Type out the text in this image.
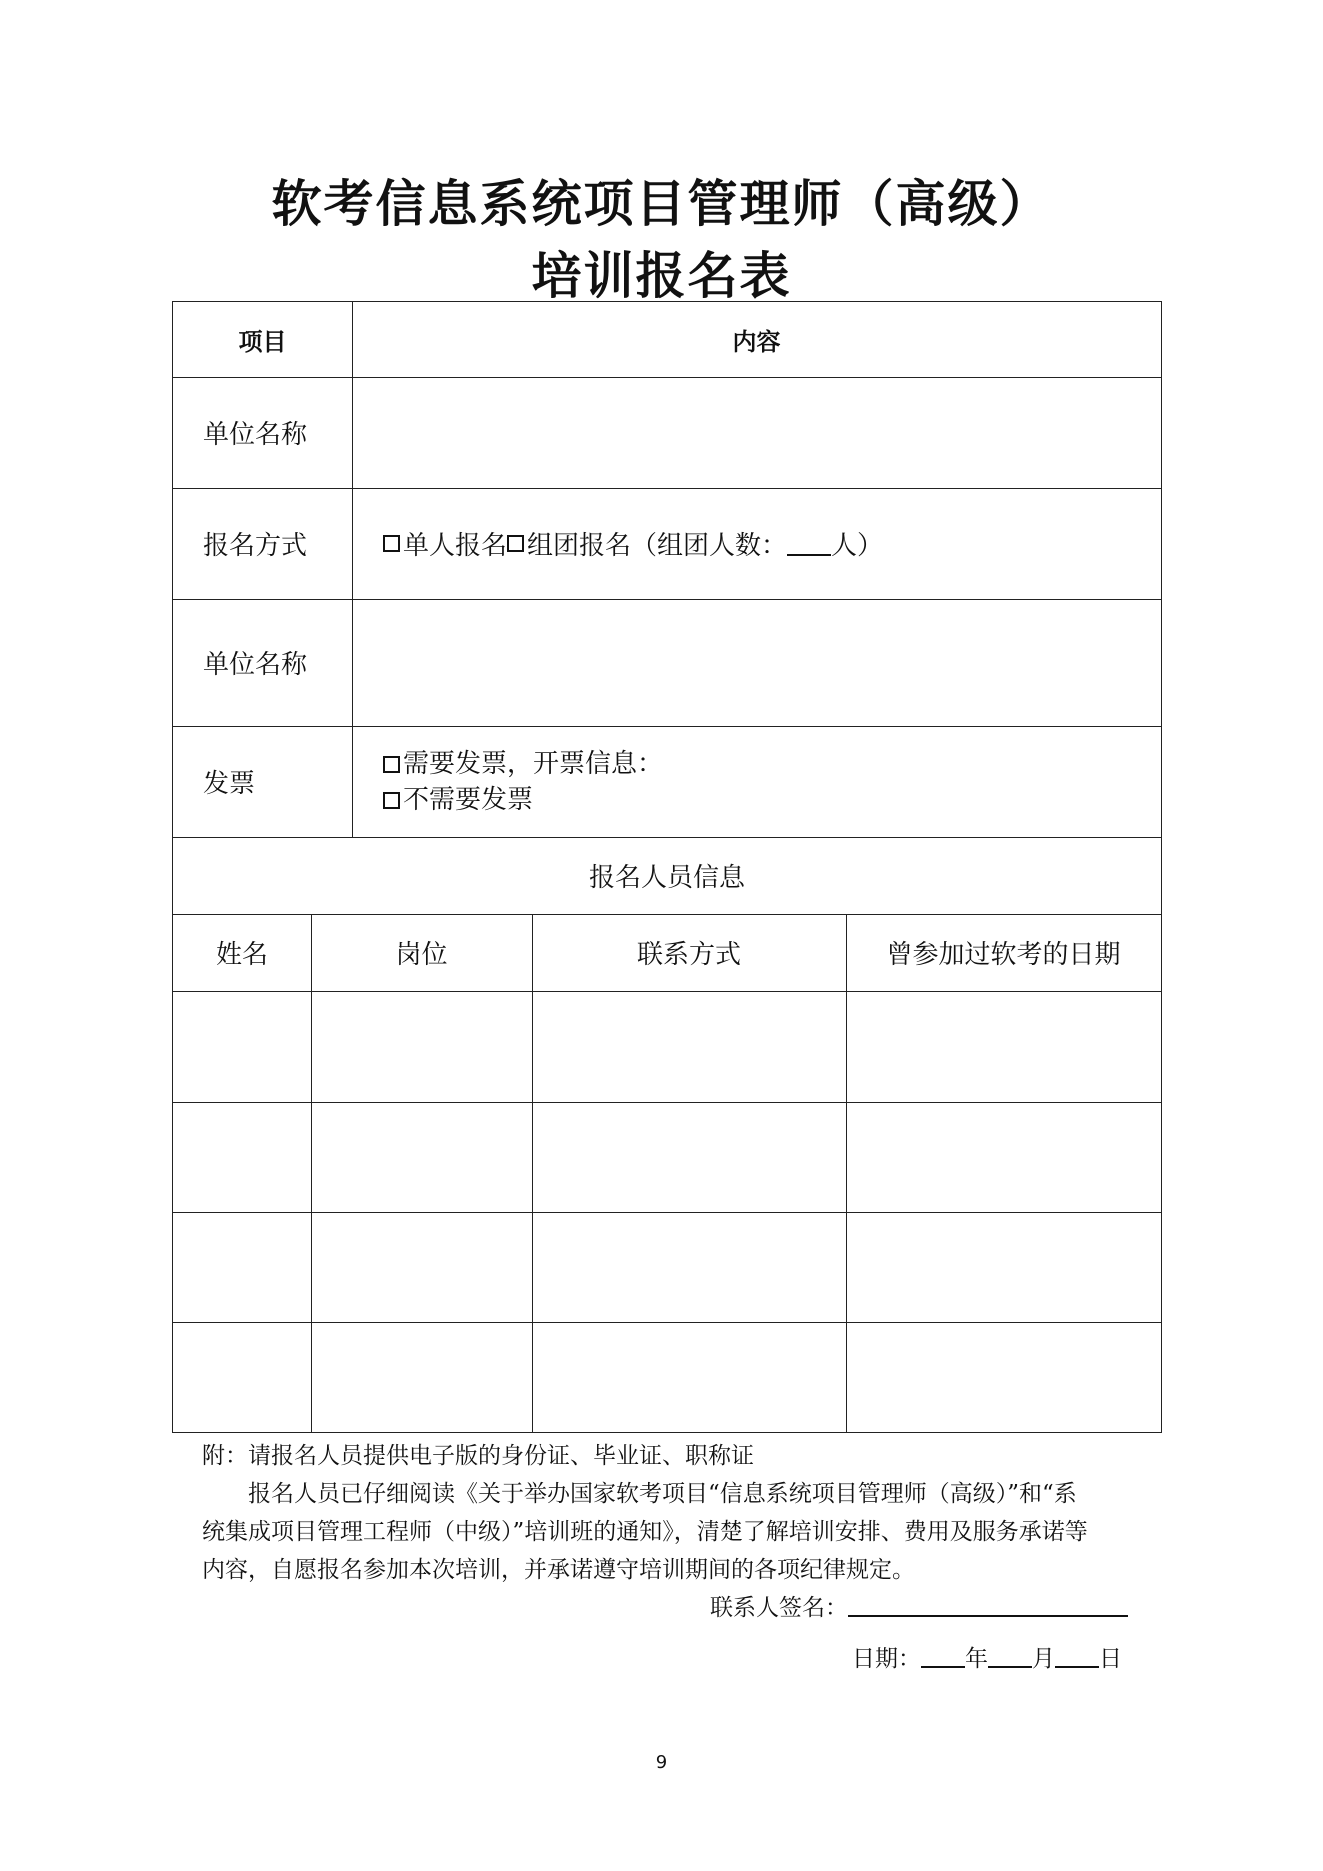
软考信息系统项目管理师（高级）
培训报名表
项目	内容
单位名称
报名方式	单人报名 组团报名（组团人数： 人）
单位名称
发票
需要发票，开票信息：
不需要发票
报名人员信息
姓名	岗位	联系方式	曾参加过软考的日期
附：请报名人员提供电子版的身份证、毕业证、职称证
报名人员已仔细阅读《关于举办国家软考项目“信息系统项目管理师（高级）”和“系
统集成项目管理工程师（中级）”培训班的通知》，清楚了解培训安排、费用及服务承诺等
内容，自愿报名参加本次培训，并承诺遵守培训期间的各项纪律规定。
联系人签名：
日期： 年 月 日
9
